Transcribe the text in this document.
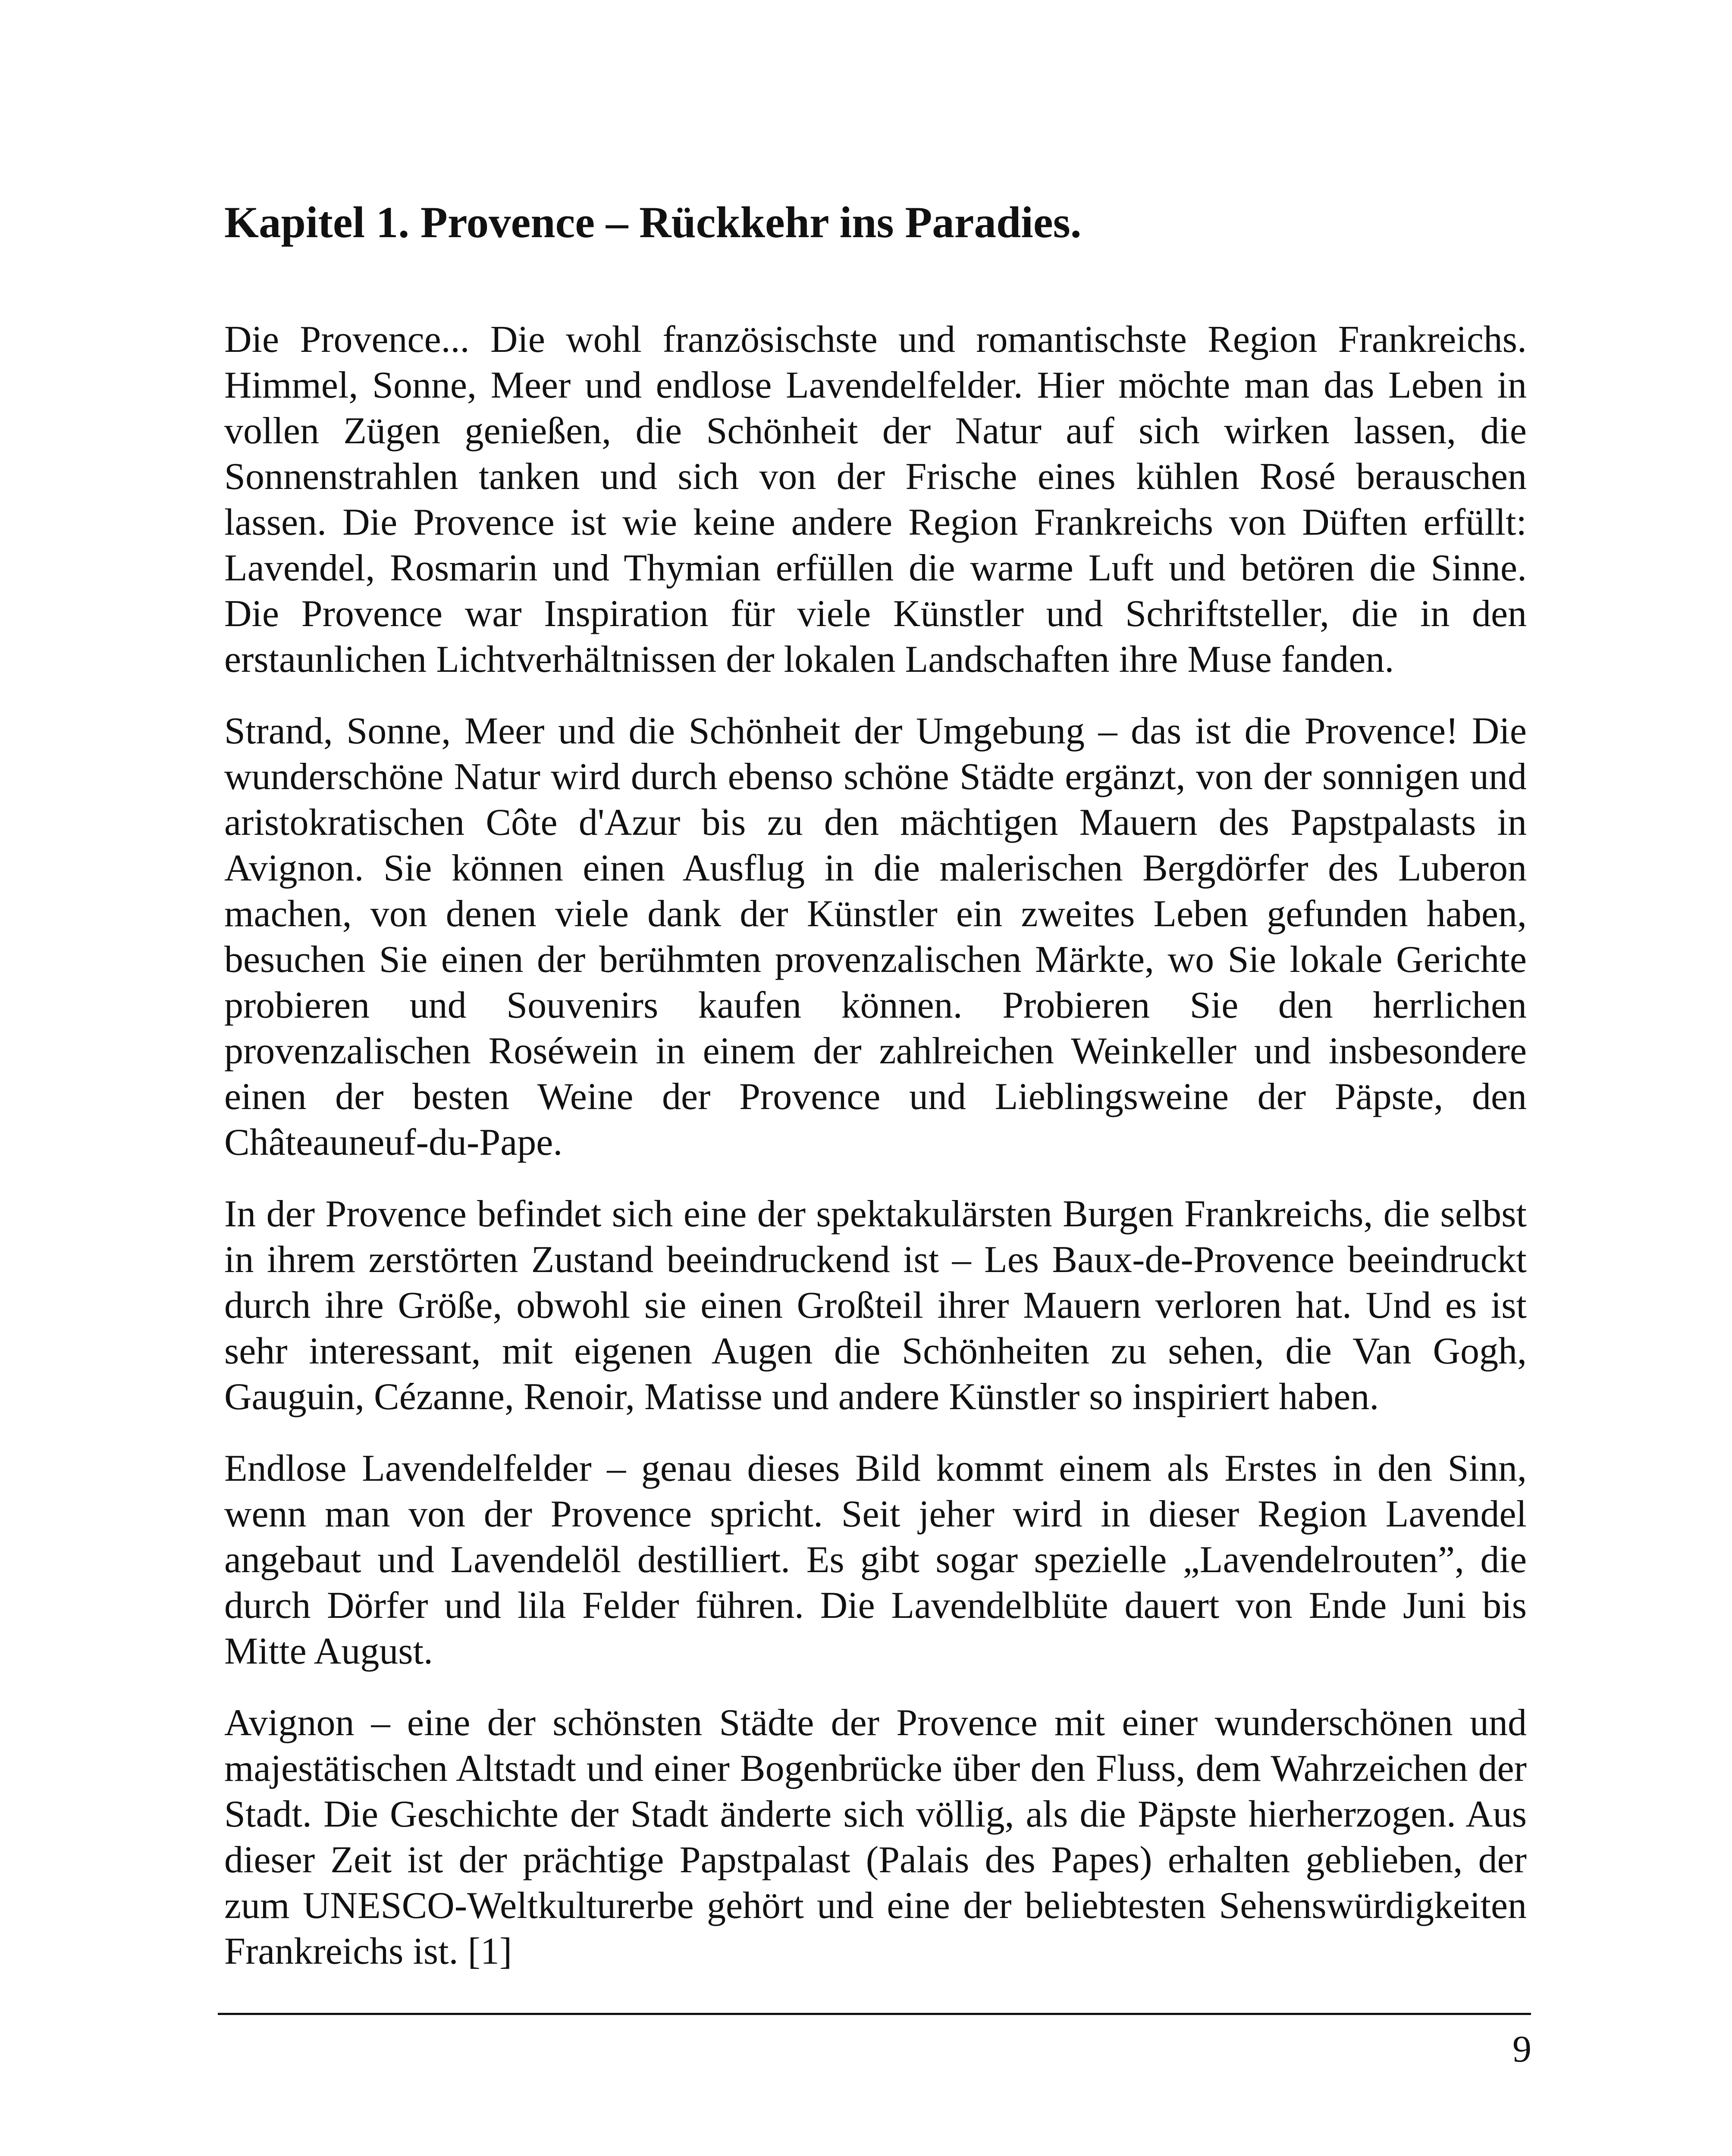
Kapitel 1. Provence – Rückkehr ins Paradies.

Die Provence... Die wohl französischste und romantischste Region Frankreichs. Himmel, Sonne, Meer und endlose Lavendelfelder. Hier möchte man das Leben in vollen Zügen genießen, die Schönheit der Natur auf sich wirken lassen, die Sonnenstrahlen tanken und sich von der Frische eines kühlen Rosé berauschen lassen. Die Provence ist wie keine andere Region Frankreichs von Düften erfüllt: Lavendel, Rosmarin und Thymian erfüllen die warme Luft und betören die Sinne. Die Provence war Inspiration für viele Künstler und Schriftsteller, die in den erstaunlichen Lichtverhältnissen der lokalen Landschaften ihre Muse fanden.

Strand, Sonne, Meer und die Schönheit der Umgebung – das ist die Provence! Die wunderschöne Natur wird durch ebenso schöne Städte ergänzt, von der sonnigen und aristokratischen Côte d'Azur bis zu den mächtigen Mauern des Papstpalasts in Avignon. Sie können einen Ausflug in die malerischen Bergdörfer des Luberon machen, von denen viele dank der Künstler ein zweites Leben gefunden haben, besuchen Sie einen der berühmten provenzalischen Märkte, wo Sie lokale Gerichte probieren und Souvenirs kaufen können. Probieren Sie den herrlichen provenzalischen Roséwein in einem der zahlreichen Weinkeller und insbesondere einen der besten Weine der Provence und Lieblingsweine der Päpste, den Châteauneuf-du-Pape.

In der Provence befindet sich eine der spektakulärsten Burgen Frankreichs, die selbst in ihrem zerstörten Zustand beeindruckend ist – Les Baux-de-Provence beeindruckt durch ihre Größe, obwohl sie einen Großteil ihrer Mauern verloren hat. Und es ist sehr interessant, mit eigenen Augen die Schönheiten zu sehen, die Van Gogh, Gauguin, Cézanne, Renoir, Matisse und andere Künstler so inspiriert haben.

Endlose Lavendelfelder – genau dieses Bild kommt einem als Erstes in den Sinn, wenn man von der Provence spricht. Seit jeher wird in dieser Region Lavendel angebaut und Lavendelöl destilliert. Es gibt sogar spezielle „Lavendelrouten”, die durch Dörfer und lila Felder führen. Die Lavendelblüte dauert von Ende Juni bis Mitte August.

Avignon – eine der schönsten Städte der Provence mit einer wunderschönen und majestätischen Altstadt und einer Bogenbrücke über den Fluss, dem Wahrzeichen der Stadt. Die Geschichte der Stadt änderte sich völlig, als die Päpste hierherzogen. Aus dieser Zeit ist der prächtige Papstpalast (Palais des Papes) erhalten geblieben, der zum UNESCO-Weltkulturerbe gehört und eine der beliebtesten Sehenswürdigkeiten Frankreichs ist. [1]

9
